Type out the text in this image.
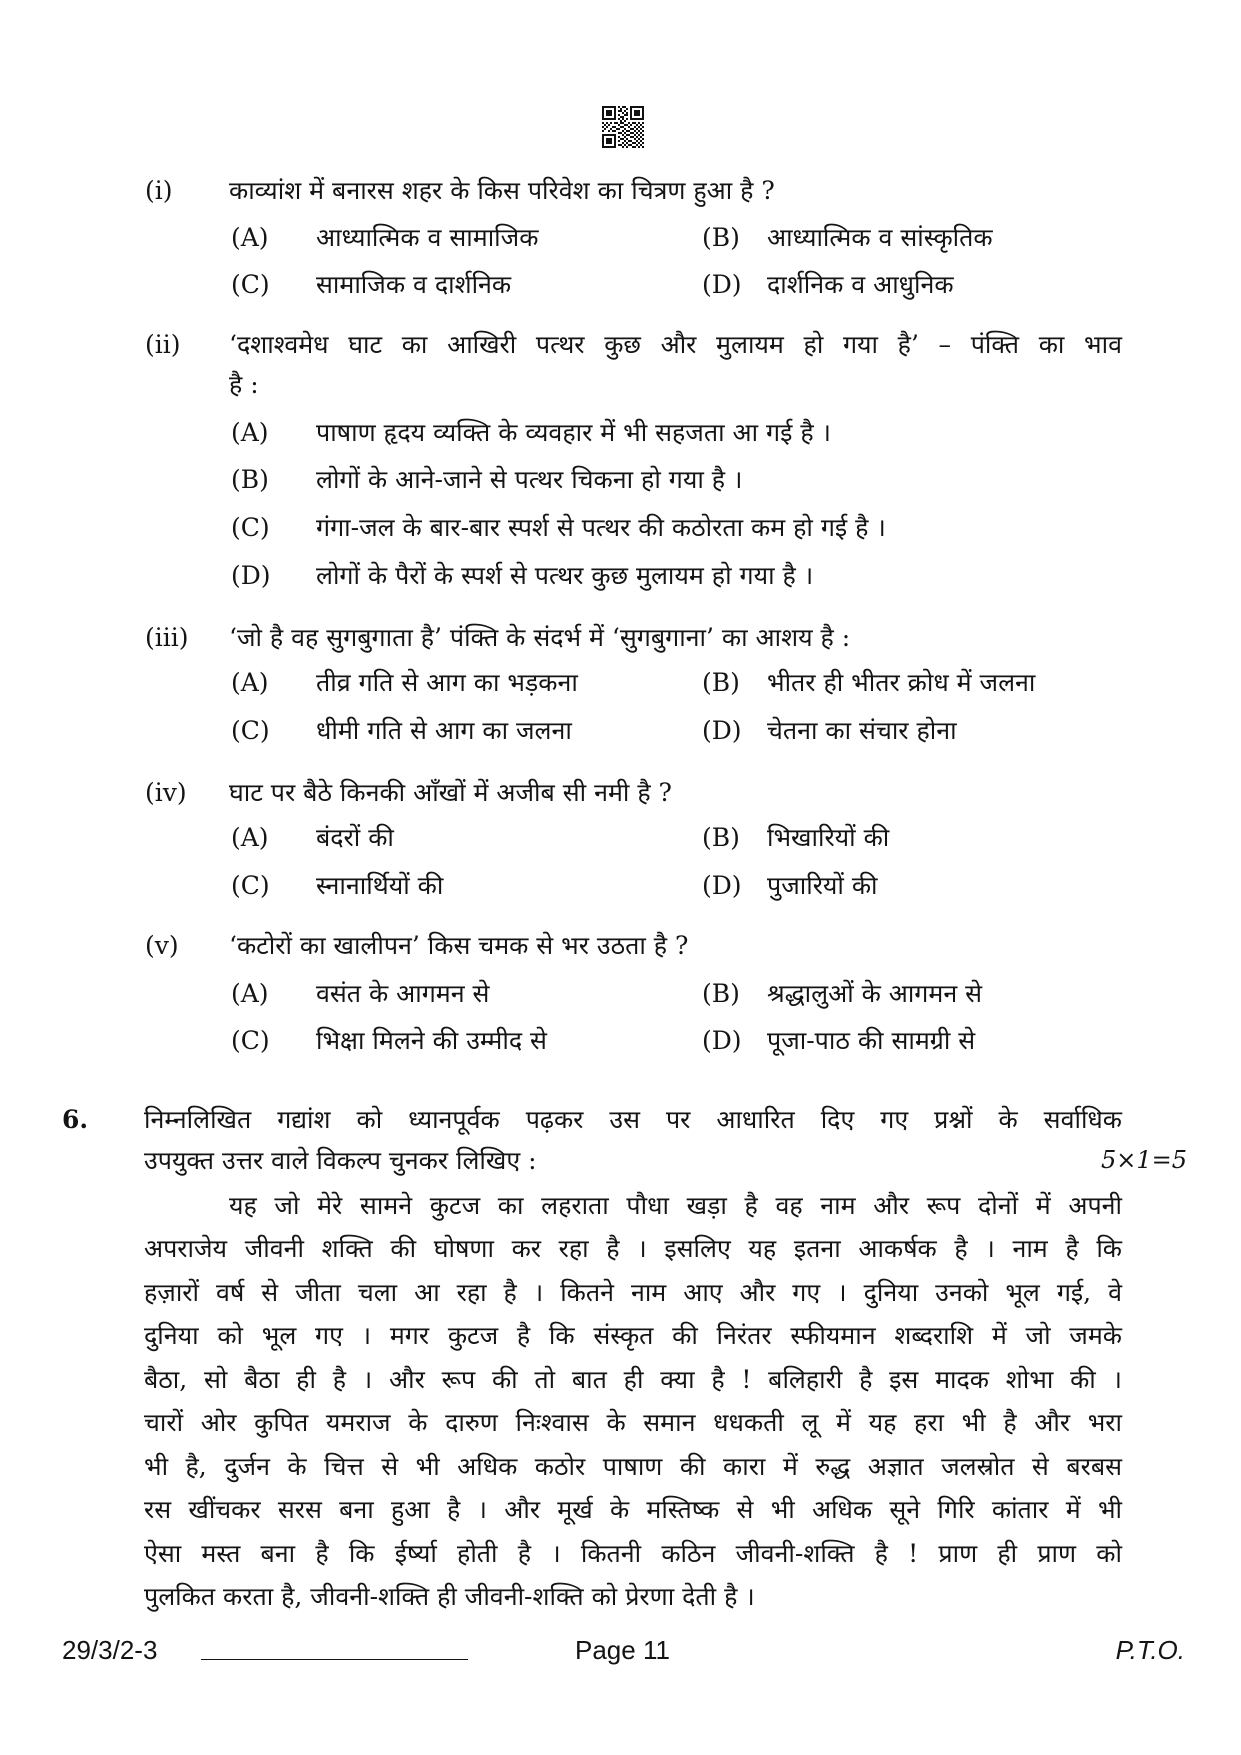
(i) काव्यांश में बनारस शहर के किस परिवेश का चित्रण हुआ है ?
(A) आध्यात्मिक व सामाजिक	(B) आध्यात्मिक व सांस्कृतिक
(C) सामाजिक व दार्शनिक	(D) दार्शनिक व आधुनिक
(ii) ‘दशाश्वमेध घाट का आखिरी पत्थर कुछ और मुलायम हो गया है’ – पंक्ति का भाव
है :
(A) पाषाण हृदय व्यक्ति के व्यवहार में भी सहजता आ गई है ।
(B) लोगों के आने-जाने से पत्थर चिकना हो गया है ।
(C) गंगा-जल के बार-बार स्पर्श से पत्थर की कठोरता कम हो गई है ।
(D) लोगों के पैरों के स्पर्श से पत्थर कुछ मुलायम हो गया है ।
(iii) ‘जो है वह सुगबुगाता है’ पंक्ति के संदर्भ में ‘सुगबुगाना’ का आशय है :
(A) तीव्र गति से आग का भड़कना	(B) भीतर ही भीतर क्रोध में जलना
(C) धीमी गति से आग का जलना	(D) चेतना का संचार होना
(iv) घाट पर बैठे किनकी आँखों में अजीब सी नमी है ?
(A) बंदरों की	(B) भिखारियों की
(C) स्नानार्थियों की	(D) पुजारियों की
(v) ‘कटोरों का खालीपन’ किस चमक से भर उठता है ?
(A) वसंत के आगमन से	(B) श्रद्धालुओं के आगमन से
(C) भिक्षा मिलने की उम्मीद से	(D) पूजा-पाठ की सामग्री से
6. निम्नलिखित गद्यांश को ध्यानपूर्वक पढ़कर उस पर आधारित दिए गए प्रश्नों के सर्वाधिक
उपयुक्त उत्तर वाले विकल्प चुनकर लिखिए :	5×1=5
यह जो मेरे सामने कुटज का लहराता पौधा खड़ा है वह नाम और रूप दोनों में अपनी
अपराजेय जीवनी शक्ति की घोषणा कर रहा है । इसलिए यह इतना आकर्षक है । नाम है कि
हज़ारों वर्ष से जीता चला आ रहा है । कितने नाम आए और गए । दुनिया उनको भूल गई, वे
दुनिया को भूल गए । मगर कुटज है कि संस्कृत की निरंतर स्फीयमान शब्दराशि में जो जमके
बैठा, सो बैठा ही है । और रूप की तो बात ही क्या है ! बलिहारी है इस मादक शोभा की ।
चारों ओर कुपित यमराज के दारुण निःश्वास के समान धधकती लू में यह हरा भी है और भरा
भी है, दुर्जन के चित्त से भी अधिक कठोर पाषाण की कारा में रुद्ध अज्ञात जलस्रोत से बरबस
रस खींचकर सरस बना हुआ है । और मूर्ख के मस्तिष्क से भी अधिक सूने गिरि कांतार में भी
ऐसा मस्त बना है कि ईर्ष्या होती है । कितनी कठिन जीवनी-शक्ति है ! प्राण ही प्राण को
पुलकित करता है, जीवनी-शक्ति ही जीवनी-शक्ति को प्रेरणा देती है ।
29/3/2-3	Page 11	P.T.O.
